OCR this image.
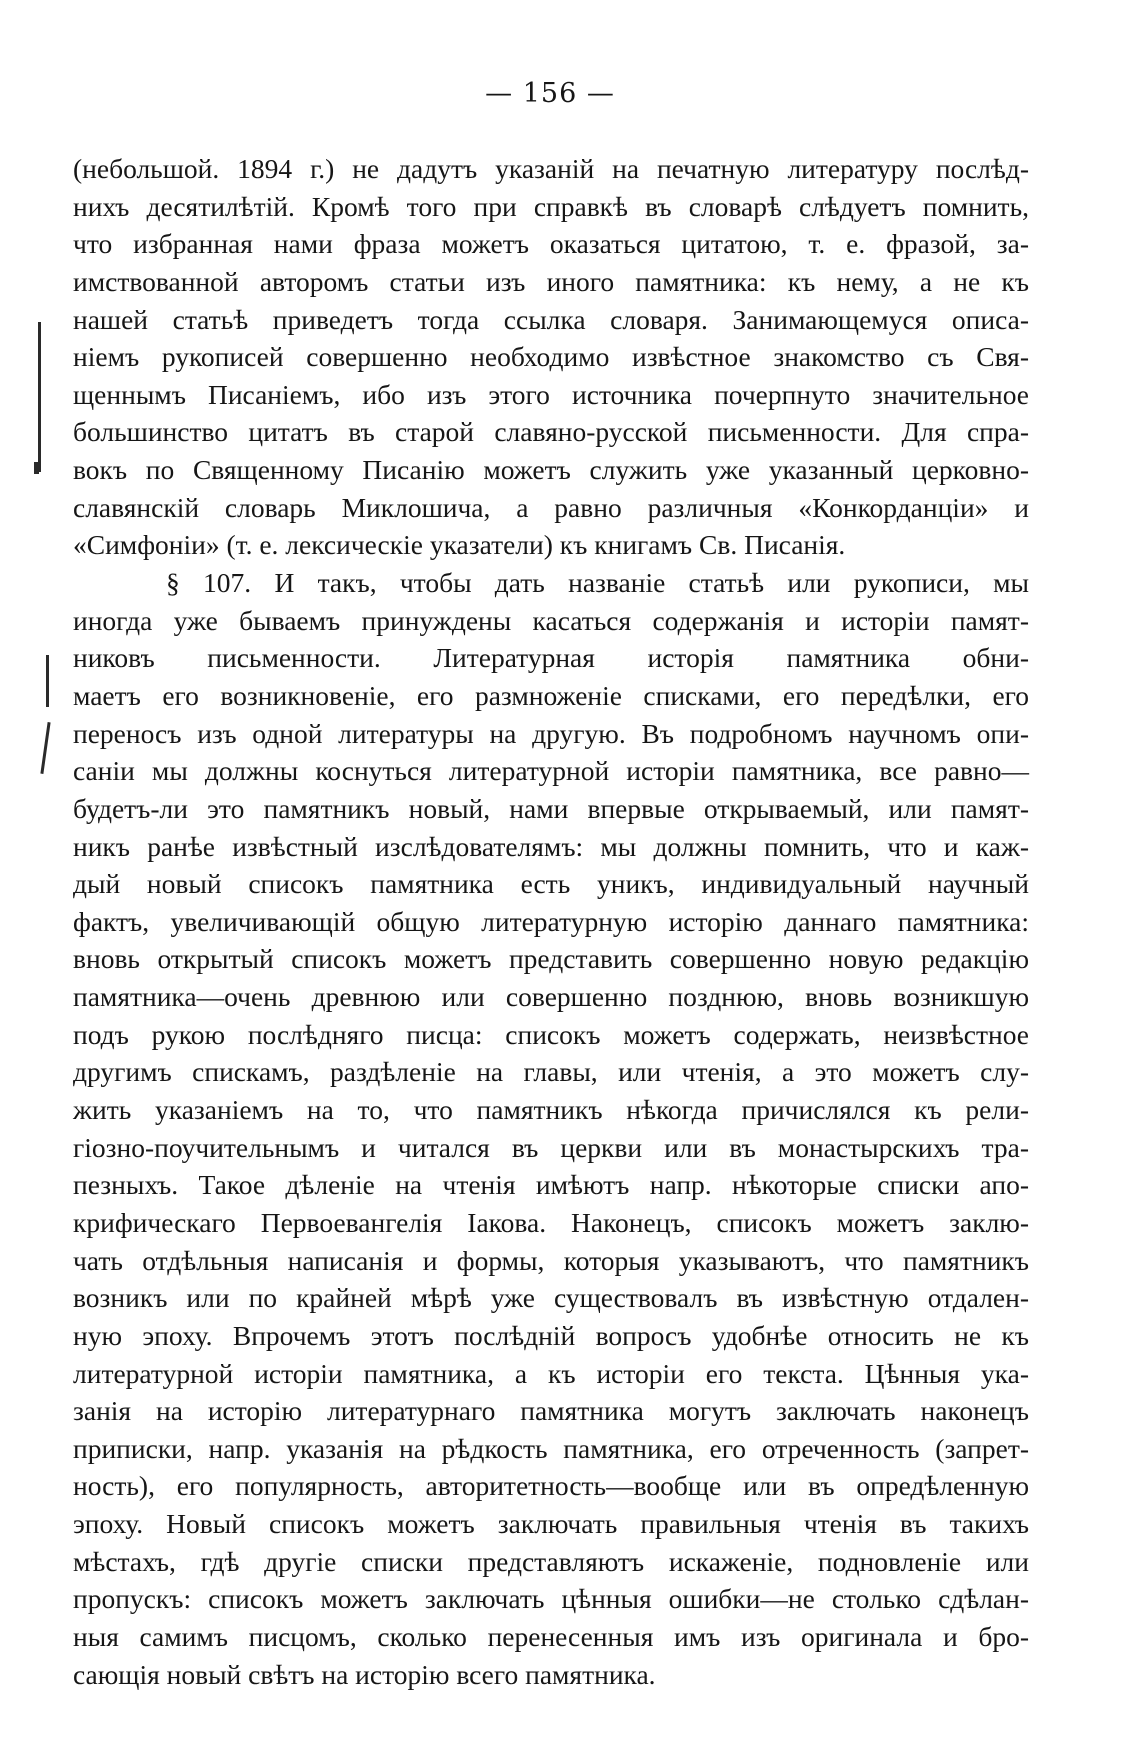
— 156 —
(небольшой. 1894 г.) не дадутъ указаній на печатную литературу послѣд-
нихъ десятилѣтій. Кромѣ того при справкѣ въ словарѣ слѣдуетъ помнить,
что избранная нами фраза можетъ оказаться цитатою, т. е. фразой, за-
имствованной авторомъ статьи изъ иного памятника: къ нему, а не къ
нашей статьѣ приведетъ тогда ссылка словаря. Занимающемуся описа-
ніемъ рукописей совершенно необходимо извѣстное знакомство съ Свя-
щеннымъ Писаніемъ, ибо изъ этого источника почерпнуто значительное
большинство цитатъ въ старой славяно-русской письменности. Для спра-
вокъ по Священному Писанію можетъ служить уже указанный церковно-
славянскій словарь Миклошича, а равно различныя «Конкорданціи» и
«Симфоніи» (т. е. лексическіе указатели) къ книгамъ Св. Писанія.
§ 107. И такъ, чтобы дать названіе статьѣ или рукописи, мы
иногда уже бываемъ принуждены касаться содержанія и исторіи памят-
никовъ письменности. Литературная исторія памятника обни-
маетъ его возникновеніе, его размноженіе списками, его передѣлки, его
переносъ изъ одной литературы на другую. Въ подробномъ научномъ опи-
саніи мы должны коснуться литературной исторіи памятника, все равно—
будетъ-ли это памятникъ новый, нами впервые открываемый, или памят-
никъ ранѣе извѣстный изслѣдователямъ: мы должны помнить, что и каж-
дый новый списокъ памятника есть уникъ, индивидуальный научный
фактъ, увеличивающій общую литературную исторію даннаго памятника:
вновь открытый списокъ можетъ представить совершенно новую редакцію
памятника—очень древнюю или совершенно позднюю, вновь возникшую
подъ рукою послѣдняго писца: списокъ можетъ содержать, неизвѣстное
другимъ спискамъ, раздѣленіе на главы, или чтенія, а это можетъ слу-
жить указаніемъ на то, что памятникъ нѣкогда причислялся къ рели-
гіозно-поучительнымъ и читался въ церкви или въ монастырскихъ тра-
пезныхъ. Такое дѣленіе на чтенія имѣютъ напр. нѣкоторые списки апо-
крифическаго Первоевангелія Іакова. Наконецъ, списокъ можетъ заклю-
чать отдѣльныя написанія и формы, которыя указываютъ, что памятникъ
возникъ или по крайней мѣрѣ уже существовалъ въ извѣстную отдален-
ную эпоху. Впрочемъ этотъ послѣдній вопросъ удобнѣе относить не къ
литературной исторіи памятника, а къ исторіи его текста. Цѣнныя ука-
занія на исторію литературнаго памятника могутъ заключать наконецъ
приписки, напр. указанія на рѣдкость памятника, его отреченность (запрет-
ность), его популярность, авторитетность—вообще или въ опредѣленную
эпоху. Новый списокъ можетъ заключать правильныя чтенія въ такихъ
мѣстахъ, гдѣ другіе списки представляютъ искаженіе, подновленіе или
пропускъ: списокъ можетъ заключать цѣнныя ошибки—не столько сдѣлан-
ныя самимъ писцомъ, сколько перенесенныя имъ изъ оригинала и бро-
сающія новый свѣтъ на исторію всего памятника.
